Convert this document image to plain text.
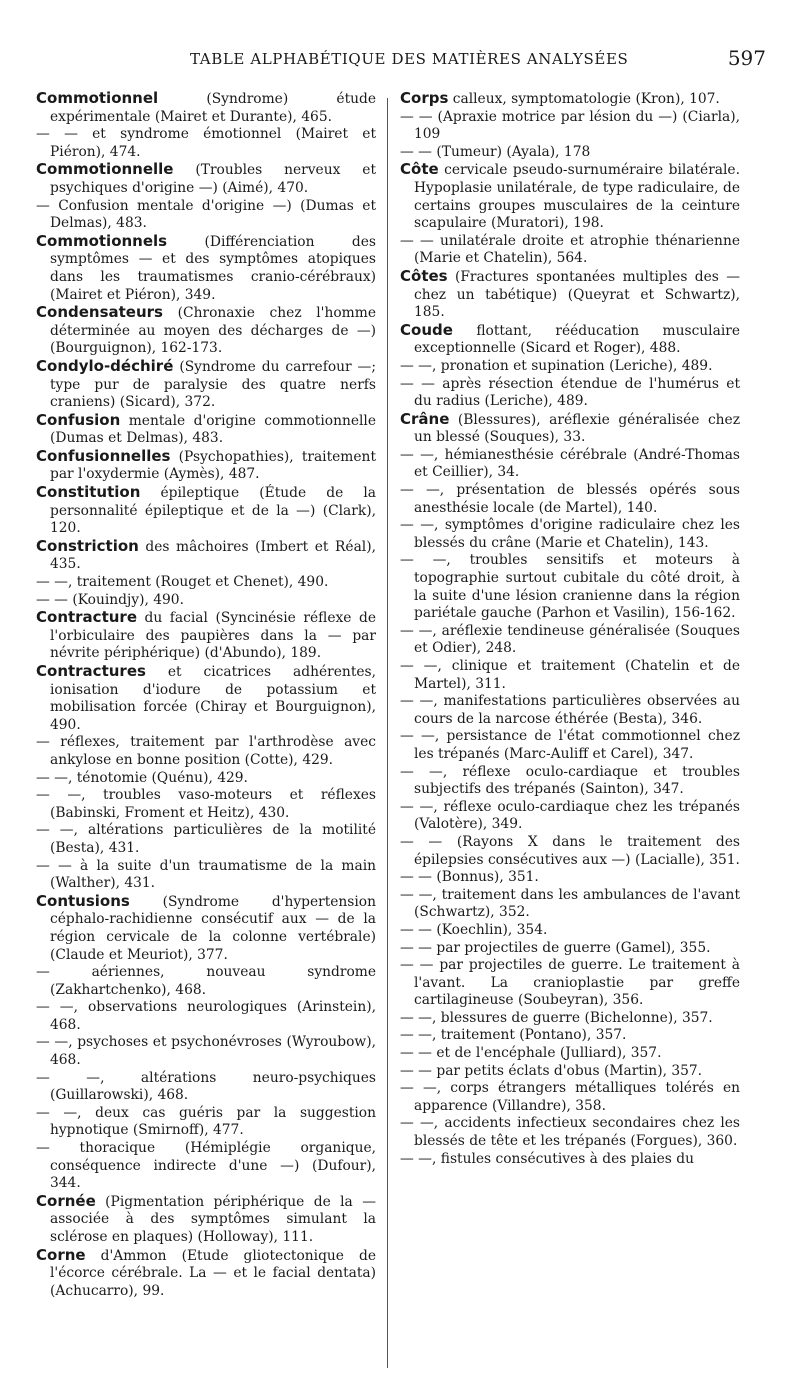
TABLE ALPHABÉTIQUE DES MATIÈRES ANALYSÉES	597
Commotionnel (Syndrome) étude expérimentale (Mairet et Durante), 465.
— — et syndrome émotionnel (Mairet et Piéron), 474.
Commotionnelle (Troubles nerveux et psychiques d'origine —) (Aimé), 470.
— Confusion mentale d'origine —) (Dumas et Delmas), 483.
Commotionnels (Différenciation des symptômes — et des symptômes atopiques dans les traumatismes cranio-cérébraux) (Mairet et Piéron), 349.
Condensateurs (Chronaxie chez l'homme déterminée au moyen des décharges de —) (Bourguignon), 162-173.
Condylo-déchiré (Syndrome du carrefour —; type pur de paralysie des quatre nerfs craniens) (Sicard), 372.
Confusion mentale d'origine commotionnelle (Dumas et Delmas), 483.
Confusionnelles (Psychopathies), traitement par l'oxydermie (Aymès), 487.
Constitution épileptique (Étude de la personnalité épileptique et de la —) (Clark), 120.
Constriction des mâchoires (Imbert et Réal), 435.
— —, traitement (Rouget et Chenet), 490.
— — (Kouindjy), 490.
Contracture du facial (Syncinésie réflexe de l'orbiculaire des paupières dans la — par névrite périphérique) (d'Abundo), 189.
Contractures et cicatrices adhérentes, ionisation d'iodure de potassium et mobilisation forcée (Chiray et Bourguignon), 490.
— réflexes, traitement par l'arthrodèse avec ankylose en bonne position (Cotte), 429.
— —, ténotomie (Quénu), 429.
— —, troubles vaso-moteurs et réflexes (Babinski, Froment et Heitz), 430.
— —, altérations particulières de la motilité (Besta), 431.
— — à la suite d'un traumatisme de la main (Walther), 431.
Contusions (Syndrome d'hypertension céphalo-rachidienne consécutif aux — de la région cervicale de la colonne vertébrale) (Claude et Meuriot), 377.
— aériennes, nouveau syndrome (Zakhartchenko), 468.
— —, observations neurologiques (Arinstein), 468.
— —, psychoses et psychonévroses (Wyroubow), 468.
— —, altérations neuro-psychiques (Guillarowski), 468.
— —, deux cas guéris par la suggestion hypnotique (Smirnoff), 477.
— thoracique (Hémiplégie organique, conséquence indirecte d'une —) (Dufour), 344.
Cornée (Pigmentation périphérique de la — associée à des symptômes simulant la sclérose en plaques) (Holloway), 111.
Corne d'Ammon (Etude gliotectonique de l'écorce cérébrale. La — et le facial dentata) (Achucarro), 99.
Corps calleux, symptomatologie (Kron), 107.
— — (Apraxie motrice par lésion du —) (Ciarla), 109
— — (Tumeur) (Ayala), 178
Côte cervicale pseudo-surnuméraire bilatérale. Hypoplasie unilatérale, de type radiculaire, de certains groupes musculaires de la ceinture scapulaire (Muratori), 198.
— — unilatérale droite et atrophie thénarienne (Marie et Chatelin), 564.
Côtes (Fractures spontanées multiples des — chez un tabétique) (Queyrat et Schwartz), 185.
Coude flottant, rééducation musculaire exceptionnelle (Sicard et Roger), 488.
— —, pronation et supination (Leriche), 489.
— — après résection étendue de l'humérus et du radius (Leriche), 489.
Crâne (Blessures), aréflexie généralisée chez un blessé (Souques), 33.
— —, hémianesthésie cérébrale (André-Thomas et Ceillier), 34.
— —, présentation de blessés opérés sous anesthésie locale (de Martel), 140.
— —, symptômes d'origine radiculaire chez les blessés du crâne (Marie et Chatelin), 143.
— —, troubles sensitifs et moteurs à topographie surtout cubitale du côté droit, à la suite d'une lésion cranienne dans la région pariétale gauche (Parhon et Vasilin), 156-162.
— —, aréflexie tendineuse généralisée (Souques et Odier), 248.
— —, clinique et traitement (Chatelin et de Martel), 311.
— —, manifestations particulières observées au cours de la narcose éthérée (Besta), 346.
— —, persistance de l'état commotionnel chez les trépanés (Marc-Auliff et Carel), 347.
— —, réflexe oculo-cardiaque et troubles subjectifs des trépanés (Sainton), 347.
— —, réflexe oculo-cardiaque chez les trépanés (Valotère), 349.
— — (Rayons X dans le traitement des épilepsies consécutives aux —) (Lacialle), 351.
— — (Bonnus), 351.
— —, traitement dans les ambulances de l'avant (Schwartz), 352.
— — (Koechlin), 354.
— — par projectiles de guerre (Gamel), 355.
— — par projectiles de guerre. Le traitement à l'avant. La cranioplastie par greffe cartilagineuse (Soubeyran), 356.
— —, blessures de guerre (Bichelonne), 357.
— —, traitement (Pontano), 357.
— — et de l'encéphale (Julliard), 357.
— — par petits éclats d'obus (Martin), 357.
— —, corps étrangers métalliques tolérés en apparence (Villandre), 358.
— —, accidents infectieux secondaires chez les blessés de tête et les trépanés (Forgues), 360.
— —, fistules consécutives à des plaies du
